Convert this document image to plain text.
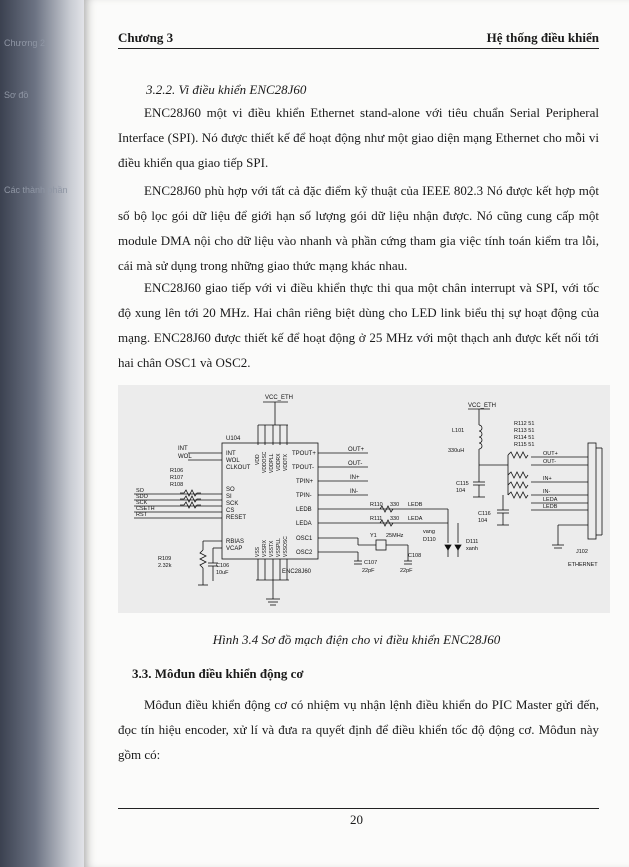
Chương 2
Sơ đồ
Các thành phần
Chương 3	Hệ thống điều khiển
3.2.2. Vi điều khiển ENC28J60
ENC28J60 một vi điều khiển Ethernet stand-alone với tiêu chuẩn Serial Peripheral Interface (SPI). Nó được thiết kế để hoạt động như một giao diện mạng Ethernet cho mỗi vi điều khiển qua giao tiếp SPI.
ENC28J60 phù hợp với tất cả đặc điểm kỹ thuật của IEEE 802.3 Nó được kết hợp một số bộ lọc gói dữ liệu để giới hạn số lượng gói dữ liệu nhận được. Nó cũng cung cấp một module DMA nội cho dữ liệu vào nhanh và phần cứng tham gia việc tính toán kiểm tra lỗi, cái mà sử dụng trong những giao thức mạng khác nhau.
ENC28J60 giao tiếp với vi điều khiển thực thi qua một chân interrupt và SPI, với tốc độ xung lên tới 20 MHz. Hai chân riêng biệt dùng cho LED link biểu thị sự hoạt động của mạng. ENC28J60 được thiết kế để hoạt động ở 25 MHz với một thạch anh được kết nối tới hai chân OSC1 và OSC2.
VCC_ETH
U104
ENC28J60
VDD VDDOSC VDDPLL VDDRX VDDTX
VSS VSSRX VSSTX VSSPLL VSSOSC
INT
WOL
CLKOUT
SO
SI
SCK
CS
RESET
RBIAS
VCAP
INT
WOL
R106
R107
R108
SO
SDO
SCK
CSETH
RST
R109
2.32k	C106
10uF
TPOUT+
TPOUT-
TPIN+
TPIN-
LEDB
LEDA
OSC1
OSC2
OUT+
OUT-
IN+
IN-
R110 330 LEDB
R111 330 LEDA
Y1 25MHz
C108
C107
22pF	22pF
vang
D110	D111
xanh
VCC_ETH
L101
330uH
C115
104
C116
104
R112 51
R113 51
R114 51
R115 51
OUT+
OUT-
IN+
IN-
LEDA
LEDB
J102
ETHERNET
Hình 3.4 Sơ đồ mạch điện cho vi điều khiển ENC28J60
3.3. Môđun điều khiển động cơ
Môđun điều khiển động cơ có nhiệm vụ nhận lệnh điều khiển do PIC Master gửi đến, đọc tín hiệu encoder, xử lí và đưa ra quyết định để điều khiển tốc độ động cơ. Môđun này gồm có:
20
